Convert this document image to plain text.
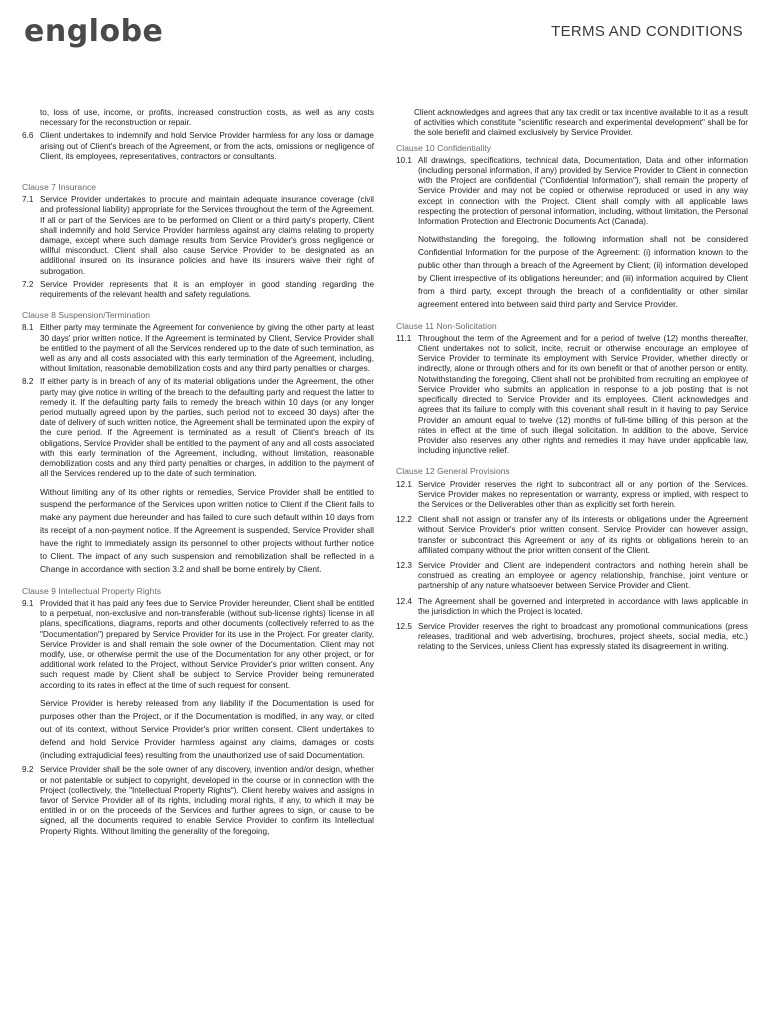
englobe	TERMS AND CONDITIONS
to, loss of use, income, or profits, increased construction costs, as well as any costs necessary for the reconstruction or repair.
6.6 Client undertakes to indemnify and hold Service Provider harmless for any loss or damage arising out of Client's breach of the Agreement, or from the acts, omissions or negligence of Client, its employees, representatives, contractors or consultants.
Clause 7 Insurance
7.1 Service Provider undertakes to procure and maintain adequate insurance coverage (civil and professional liability) appropriate for the Services throughout the term of the Agreement. If all or part of the Services are to be performed on Client or a third party's property, Client shall indemnify and hold Service Provider harmless against any claims relating to property damage, except where such damage results from Service Provider's gross negligence or willful misconduct. Client shall also cause Service Provider to be designated as an additional insured on its insurance policies and have its insurers waive their right of subrogation.
7.2 Service Provider represents that it is an employer in good standing regarding the requirements of the relevant health and safety regulations.
Clause 8 Suspension/Termination
8.1 Either party may terminate the Agreement for convenience by giving the other party at least 30 days' prior written notice. If the Agreement is terminated by Client, Service Provider shall be entitled to the payment of all the Services rendered up to the date of such termination, as well as any and all costs associated with this early termination of the Agreement, including, without limitation, reasonable demobilization costs and any third party penalties or charges.
8.2 If either party is in breach of any of its material obligations under the Agreement, the other party may give notice in writing of the breach to the defaulting party and request the latter to remedy it. If the defaulting party fails to remedy the breach within 10 days (or any longer period mutually agreed upon by the parties, such period not to exceed 30 days) after the date of delivery of such written notice, the Agreement shall be terminated upon the expiry of the cure period. If the Agreement is terminated as a result of Client's breach of its obligations, Service Provider shall be entitled to the payment of any and all costs associated with this early termination of the Agreement, including, without limitation, reasonable demobilization costs and any third party penalties or charges, in addition to the payment of all the Services rendered up to the date of such termination.
Without limiting any of its other rights or remedies, Service Provider shall be entitled to suspend the performance of the Services upon written notice to Client if the Client fails to make any payment due hereunder and has failed to cure such default within 10 days from its receipt of a non-payment notice. If the Agreement is suspended, Service Provider shall have the right to immediately assign its personnel to other projects without further notice to Client. The impact of any such suspension and remobilization shall be reflected in a Change in accordance with section 3.2 and shall be borne entirely by Client.
Clause 9 Intellectual Property Rights
9.1 Provided that it has paid any fees due to Service Provider hereunder, Client shall be entitled to a perpetual, non-exclusive and non-transferable (without sub-license rights) license in all plans, specifications, diagrams, reports and other documents (collectively referred to as the "Documentation") prepared by Service Provider for its use in the Project. For greater clarity, Service Provider is and shall remain the sole owner of the Documentation. Client may not modify, use, or otherwise permit the use of the Documentation for any other project, or for additional work related to the Project, without Service Provider's prior written consent. Any such request made by Client shall be subject to Service Provider being remunerated according to its rates in effect at the time of such request for consent.
Service Provider is hereby released from any liability if the Documentation is used for purposes other than the Project, or if the Documentation is modified, in any way, or cited out of its context, without Service Provider's prior written consent. Client undertakes to defend and hold Service Provider harmless against any claims, damages or costs (including extrajudicial fees) resulting from the unauthorized use of said Documentation.
9.2 Service Provider shall be the sole owner of any discovery, invention and/or design, whether or not patentable or subject to copyright, developed in the course or in connection with the Project (collectively, the "Intellectual Property Rights"). Client hereby waives and assigns in favor of Service Provider all of its rights, including moral rights, if any, to which it may be entitled in or on the proceeds of the Services and further agrees to sign, or cause to be signed, all the documents required to enable Service Provider to confirm its Intellectual Property Rights. Without limiting the generality of the foregoing,
Client acknowledges and agrees that any tax credit or tax incentive available to it as a result of activities which constitute "scientific research and experimental development" shall be for the sole benefit and claimed exclusively by Service Provider.
Clause 10 Confidentiality
10.1 All drawings, specifications, technical data, Documentation, Data and other information (including personal information, if any) provided by Service Provider to Client in connection with the Project are confidential ("Confidential Information"), shall remain the property of Service Provider and may not be copied or otherwise reproduced or used in any way except in connection with the Project. Client shall comply with all applicable laws respecting the protection of personal information, including, without limitation, the Personal Information Protection and Electronic Documents Act (Canada).
Notwithstanding the foregoing, the following information shall not be considered Confidential Information for the purpose of the Agreement: (i) information known to the public other than through a breach of the Agreement by Client; (ii) information developed by Client irrespective of its obligations hereunder; and (iii) information acquired by Client from a third party, except through the breach of a confidentiality or other similar agreement entered into between said third party and Service Provider.
Clause 11 Non-Solicitation
11.1 Throughout the term of the Agreement and for a period of twelve (12) months thereafter, Client undertakes not to solicit, incite, recruit or otherwise encourage an employee of Service Provider to terminate its employment with Service Provider, whether directly or indirectly, alone or through others and for its own benefit or that of another person or entity. Notwithstanding the foregoing, Client shall not be prohibited from recruiting an employee of Service Provider who submits an application in response to a job posting that is not specifically directed to Service Provider and its employees. Client acknowledges and agrees that its failure to comply with this covenant shall result in it having to pay Service Provider an amount equal to twelve (12) months of full-time billing of this person at the rates in effect at the time of such illegal solicitation. In addition to the above, Service Provider also reserves any other rights and remedies it may have under applicable law, including injunctive relief.
Clause 12 General Provisions
12.1 Service Provider reserves the right to subcontract all or any portion of the Services. Service Provider makes no representation or warranty, express or implied, with respect to the Services or the Deliverables other than as explicitly set forth herein.
12.2 Client shall not assign or transfer any of its interests or obligations under the Agreement without Service Provider's prior written consent. Service Provider can however assign, transfer or subcontract this Agreement or any of its rights or obligations herein to an affiliated company without the prior written consent of the Client.
12.3 Service Provider and Client are independent contractors and nothing herein shall be construed as creating an employee or agency relationship, franchise, joint venture or partnership of any nature whatsoever between Service Provider and Client.
12.4 The Agreement shall be governed and interpreted in accordance with laws applicable in the jurisdiction in which the Project is located.
12.5 Service Provider reserves the right to broadcast any promotional communications (press releases, traditional and web advertising, brochures, project sheets, social media, etc.) relating to the Services, unless Client has expressly stated its disagreement in writing.
